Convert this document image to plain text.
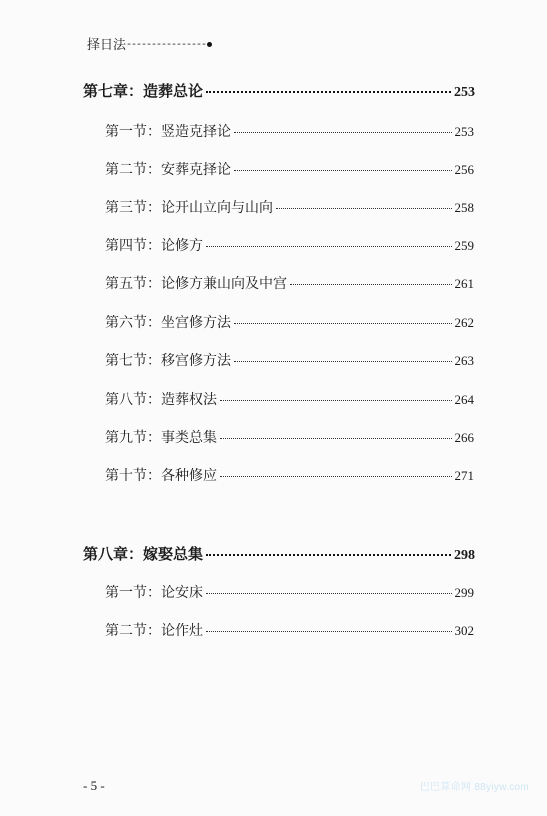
择日法----------------
第七章：造葬总论	253
第一节：竖造克择论	253
第二节：安葬克择论	256
第三节：论开山立向与山向	258
第四节：论修方	259
第五节：论修方兼山向及中宫	261
第六节：坐宫修方法	262
第七节：移宫修方法	263
第八节：造葬权法	264
第九节：事类总集	266
第十节：各种修应	271
第八章：嫁娶总集	298
第一节：论安床	299
第二节：论作灶	302
- 5 -	巴巴算命网 88yiyw.com
